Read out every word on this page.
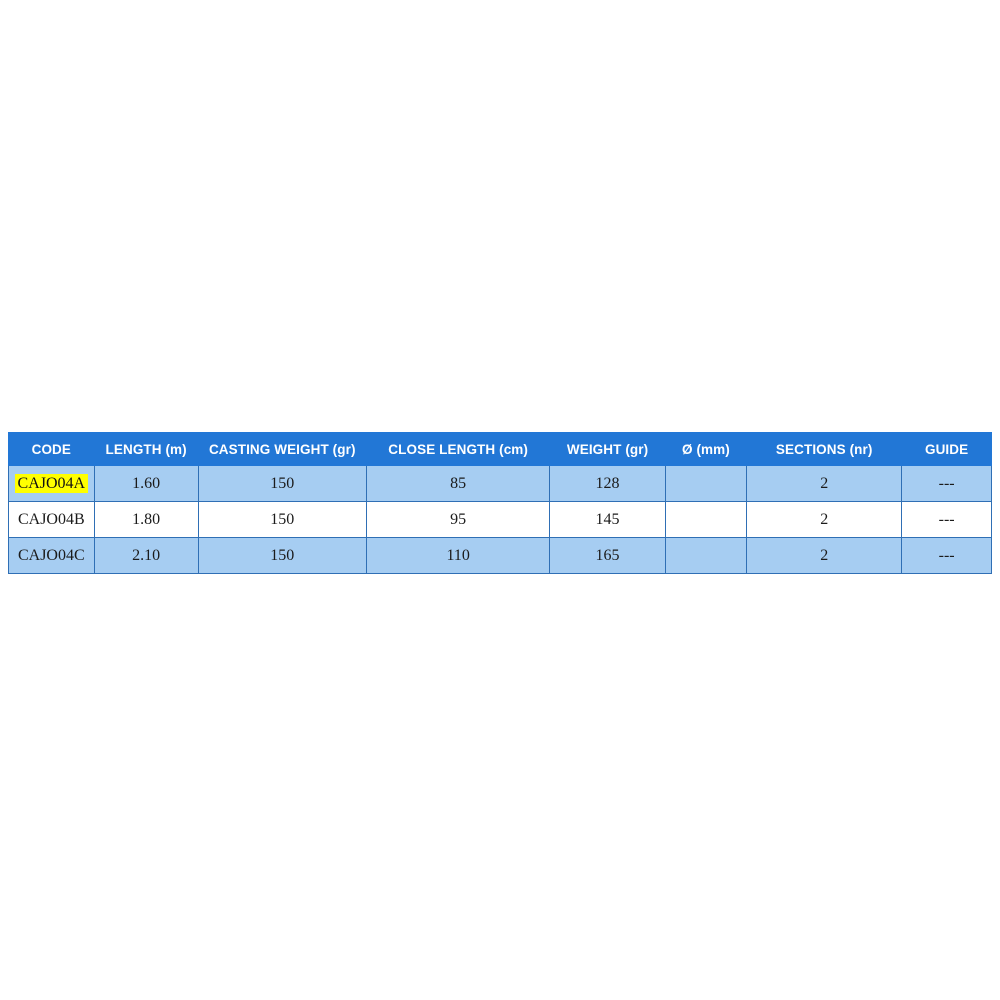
CODE	LENGTH (m)	CASTING WEIGHT (gr)	CLOSE LENGTH (cm)	WEIGHT (gr)	Ø (mm)	SECTIONS (nr)	GUIDE
CAJO04A	1.60	150	85	128		2	---
CAJO04B	1.80	150	95	145		2	---
CAJO04C	2.10	150	110	165		2	---
